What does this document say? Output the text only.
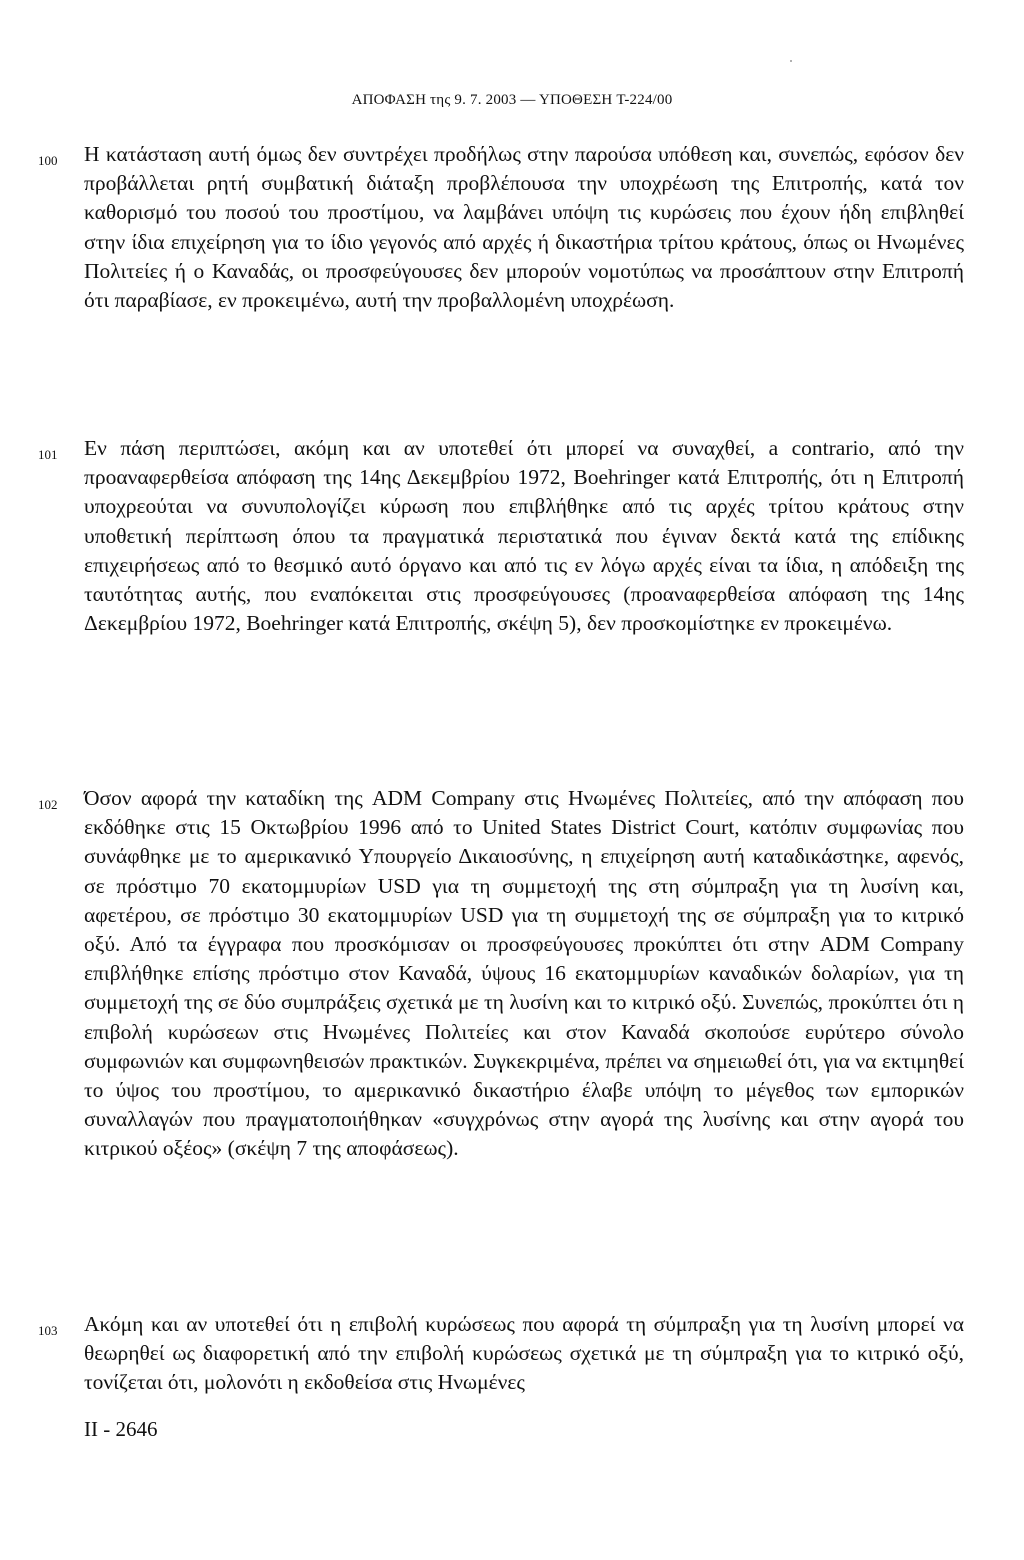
ΑΠΟΦΑΣΗ της 9. 7. 2003 — ΥΠΟΘΕΣΗ T-224/00
100 Η κατάσταση αυτή όμως δεν συντρέχει προδήλως στην παρούσα υπόθεση και, συνεπώς, εφόσον δεν προβάλλεται ρητή συμβατική διάταξη προβλέπουσα την υποχρέωση της Επιτροπής, κατά τον καθορισμό του ποσού του προστίμου, να λαμβάνει υπόψη τις κυρώσεις που έχουν ήδη επιβληθεί στην ίδια επιχείρηση για το ίδιο γεγονός από αρχές ή δικαστήρια τρίτου κράτους, όπως οι Ηνωμένες Πολιτείες ή ο Καναδάς, οι προσφεύγουσες δεν μπορούν νομοτύπως να προσάπτουν στην Επιτροπή ότι παραβίασε, εν προκειμένω, αυτή την προβαλλομένη υποχρέωση.
101 Εν πάση περιπτώσει, ακόμη και αν υποτεθεί ότι μπορεί να συναχθεί, a contrario, από την προαναφερθείσα απόφαση της 14ης Δεκεμβρίου 1972, Boehringer κατά Επιτροπής, ότι η Επιτροπή υποχρεούται να συνυπολογίζει κύρωση που επιβλήθηκε από τις αρχές τρίτου κράτους στην υποθετική περίπτωση όπου τα πραγματικά περιστατικά που έγιναν δεκτά κατά της επίδικης επιχειρήσεως από το θεσμικό αυτό όργανο και από τις εν λόγω αρχές είναι τα ίδια, η απόδειξη της ταυτότητας αυτής, που εναπόκειται στις προσφεύγουσες (προαναφερθείσα απόφαση της 14ης Δεκεμβρίου 1972, Boehringer κατά Επιτροπής, σκέψη 5), δεν προσκομίστηκε εν προκειμένω.
102 Όσον αφορά την καταδίκη της ADM Company στις Ηνωμένες Πολιτείες, από την απόφαση που εκδόθηκε στις 15 Οκτωβρίου 1996 από το United States District Court, κατόπιν συμφωνίας που συνάφθηκε με το αμερικανικό Υπουργείο Δικαιοσύνης, η επιχείρηση αυτή καταδικάστηκε, αφενός, σε πρόστιμο 70 εκατομμυρίων USD για τη συμμετοχή της στη σύμπραξη για τη λυσίνη και, αφετέρου, σε πρόστιμο 30 εκατομμυρίων USD για τη συμμετοχή της σε σύμπραξη για το κιτρικό οξύ. Από τα έγγραφα που προσκόμισαν οι προσφεύγουσες προκύπτει ότι στην ADM Company επιβλήθηκε επίσης πρόστιμο στον Καναδά, ύψους 16 εκατομμυρίων καναδικών δολαρίων, για τη συμμετοχή της σε δύο συμπράξεις σχετικά με τη λυσίνη και το κιτρικό οξύ. Συνεπώς, προκύπτει ότι η επιβολή κυρώσεων στις Ηνωμένες Πολιτείες και στον Καναδά σκοπούσε ευρύτερο σύνολο συμφωνιών και συμφωνηθεισών πρακτικών. Συγκεκριμένα, πρέπει να σημειωθεί ότι, για να εκτιμηθεί το ύψος του προστίμου, το αμερικανικό δικαστήριο έλαβε υπόψη το μέγεθος των εμπορικών συναλλαγών που πραγματοποιήθηκαν «συγχρόνως στην αγορά της λυσίνης και στην αγορά του κιτρικού οξέος» (σκέψη 7 της αποφάσεως).
103 Ακόμη και αν υποτεθεί ότι η επιβολή κυρώσεως που αφορά τη σύμπραξη για τη λυσίνη μπορεί να θεωρηθεί ως διαφορετική από την επιβολή κυρώσεως σχετικά με τη σύμπραξη για το κιτρικό οξύ, τονίζεται ότι, μολονότι η εκδοθείσα στις Ηνωμένες
II - 2646
